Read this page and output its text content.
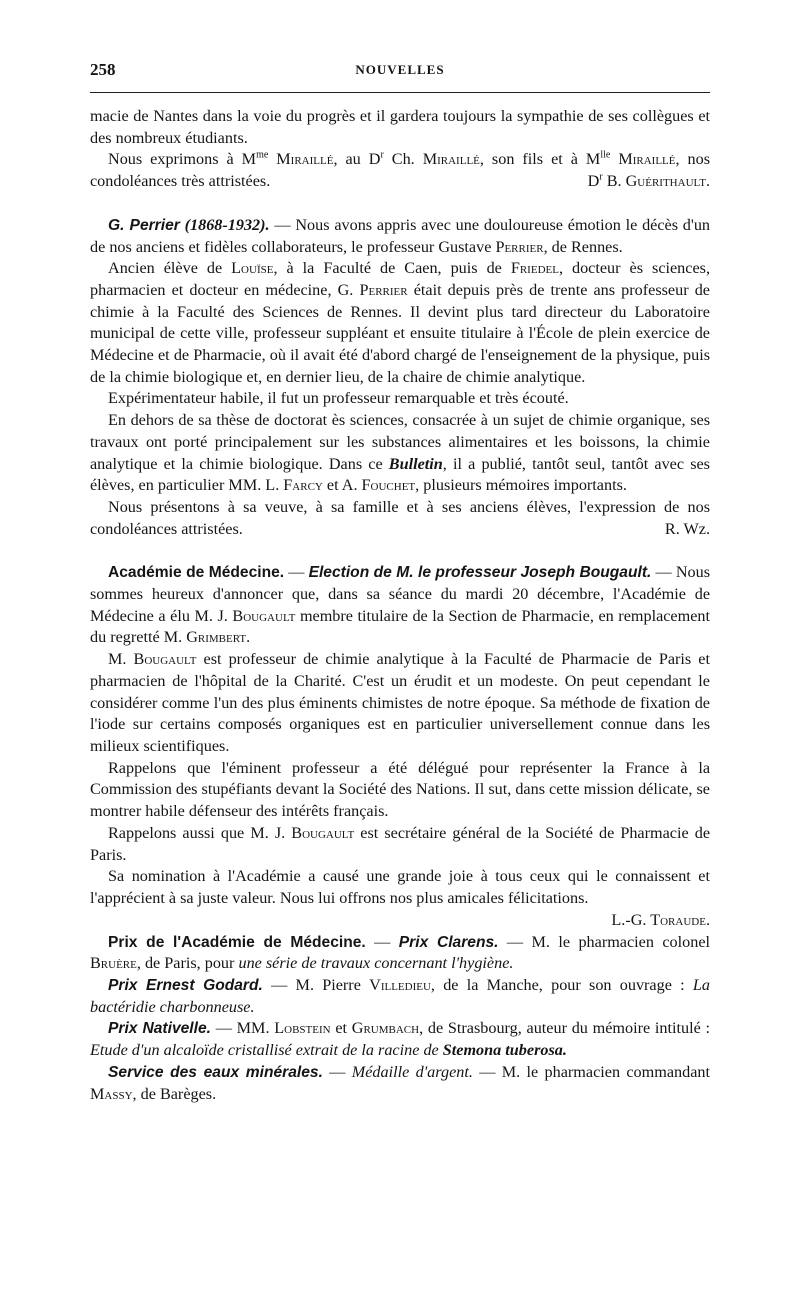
258	NOUVELLES

macie de Nantes dans la voie du progrès et il gardera toujours la sympathie de ses collègues et des nombreux étudiants.

Nous exprimons à $M^{me}$ Miraillé, au $D^r$ Ch. Miraillé, son fils et à $M^{lle}$ Miraillé, nos condoléances très attristées.	$D^r$ B. Guérithault.

G. Perrier (1868-1932). — Nous avons appris avec une douloureuse émotion le décès d'un de nos anciens et fidèles collaborateurs, le professeur Gustave Perrier, de Rennes.

Ancien élève de Louïse, à la Faculté de Caen, puis de Friedel, docteur ès sciences, pharmacien et docteur en médecine, G. Perrier était depuis près de trente ans professeur de chimie à la Faculté des Sciences de Rennes. Il devint plus tard directeur du Laboratoire municipal de cette ville, professeur suppléant et ensuite titulaire à l'École de plein exercice de Médecine et de Pharmacie, où il avait été d'abord chargé de l'enseignement de la physique, puis de la chimie biologique et, en dernier lieu, de la chaire de chimie analytique.

Expérimentateur habile, il fut un professeur remarquable et très écouté.

En dehors de sa thèse de doctorat ès sciences, consacrée à un sujet de chimie organique, ses travaux ont porté principalement sur les substances alimentaires et les boissons, la chimie analytique et la chimie biologique. Dans ce Bulletin, il a publié, tantôt seul, tantôt avec ses élèves, en particulier MM. L. Farcy et A. Fouchet, plusieurs mémoires importants.

Nous présentons à sa veuve, à sa famille et à ses anciens élèves, l'expression de nos condoléances attristées.	R. Wz.

Académie de Médecine. — Election de M. le professeur Joseph Bougault. — Nous sommes heureux d'annoncer que, dans sa séance du mardi 20 décembre, l'Académie de Médecine a élu M. J. Bougault membre titulaire de la Section de Pharmacie, en remplacement du regretté M. Grimbert.

M. Bougault est professeur de chimie analytique à la Faculté de Pharmacie de Paris et pharmacien de l'hôpital de la Charité. C'est un érudit et un modeste. On peut cependant le considérer comme l'un des plus éminents chimistes de notre époque. Sa méthode de fixation de l'iode sur certains composés organiques est en particulier universellement connue dans les milieux scientifiques.

Rappelons que l'éminent professeur a été délégué pour représenter la France à la Commission des stupéfiants devant la Société des Nations. Il sut, dans cette mission délicate, se montrer habile défenseur des intérêts français.

Rappelons aussi que M. J. Bougault est secrétaire général de la Société de Pharmacie de Paris.

Sa nomination à l'Académie a causé une grande joie à tous ceux qui le connaissent et l'apprécient à sa juste valeur. Nous lui offrons nos plus amicales félicitations.
L.-G. Toraude.

Prix de l'Académie de Médecine. — Prix Clarens. — M. le pharmacien colonel Bruère, de Paris, pour une série de travaux concernant l'hygiène.

Prix Ernest Godard. — M. Pierre Villedieu, de la Manche, pour son ouvrage : La bactéridie charbonneuse.

Prix Nativelle. — MM. Lobstein et Grumbach, de Strasbourg, auteur du mémoire intitulé : Etude d'un alcaloïde cristallisé extrait de la racine de Stemona tuberosa.

Service des eaux minérales. — Médaille d'argent. — M. le pharmacien commandant Massy, de Barèges.
